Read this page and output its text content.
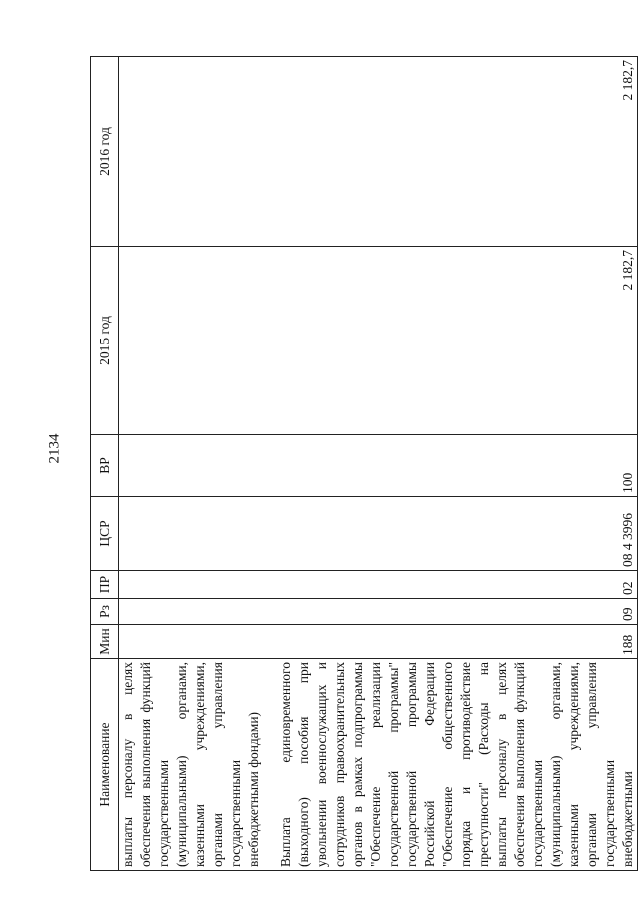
2134
Наименование	Мин	Рз	ПР	ЦСР	ВР	2015 год	2016 год
выплаты персоналу в целях обеспечения выполнения функций государственными (муниципальными) органами, казенными учреждениями, органами управления государственными внебюджетными фондами)							

Выплата единовременного (выходного) пособия при увольнении военнослужащих и сотрудников правоохранительных органов в рамках подпрограммы "Обеспечение реализации государственной программы" государственной программы Российской Федерации "Обеспечение общественного порядка и противодействие преступности" (Расходы на выплаты персоналу в целях обеспечения выполнения функций государственными (муниципальными) органами, казенными учреждениями, органами управления государственными внебюджетными	188	09	02	08 4 3996	100	2 182,7	2 182,7
